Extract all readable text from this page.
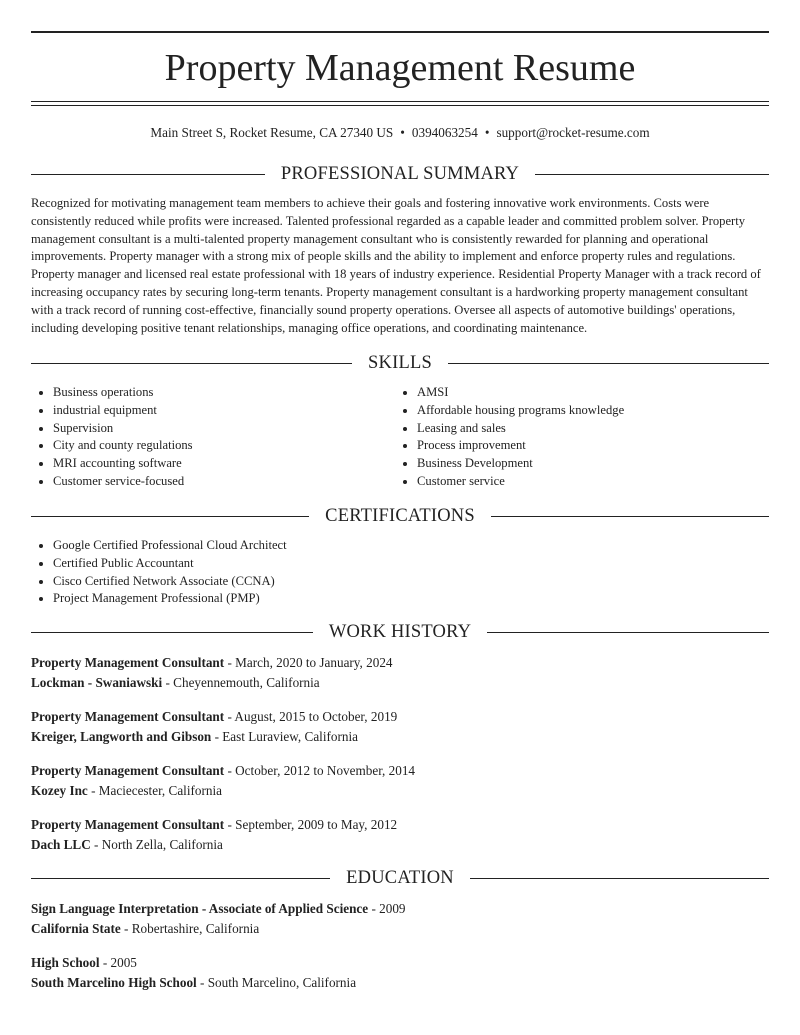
Property Management Resume
Main Street S, Rocket Resume, CA 27340 US • 0394063254 • support@rocket-resume.com
PROFESSIONAL SUMMARY
Recognized for motivating management team members to achieve their goals and fostering innovative work environments. Costs were consistently reduced while profits were increased. Talented professional regarded as a capable leader and committed problem solver. Property management consultant is a multi-talented property management consultant who is consistently rewarded for planning and operational improvements. Property manager with a strong mix of people skills and the ability to implement and enforce property rules and regulations. Property manager and licensed real estate professional with 18 years of industry experience. Residential Property Manager with a track record of increasing occupancy rates by securing long-term tenants. Property management consultant is a hardworking property management consultant with a track record of running cost-effective, financially sound property operations. Oversee all aspects of automotive buildings' operations, including developing positive tenant relationships, managing office operations, and coordinating maintenance.
SKILLS
• Business operations
• industrial equipment
• Supervision
• City and county regulations
• MRI accounting software
• Customer service-focused
• AMSI
• Affordable housing programs knowledge
• Leasing and sales
• Process improvement
• Business Development
• Customer service
CERTIFICATIONS
• Google Certified Professional Cloud Architect
• Certified Public Accountant
• Cisco Certified Network Associate (CCNA)
• Project Management Professional (PMP)
WORK HISTORY
Property Management Consultant - March, 2020 to January, 2024
Lockman - Swaniawski - Cheyennemouth, California
Property Management Consultant - August, 2015 to October, 2019
Kreiger, Langworth and Gibson - East Luraview, California
Property Management Consultant - October, 2012 to November, 2014
Kozey Inc - Maciecester, California
Property Management Consultant - September, 2009 to May, 2012
Dach LLC - North Zella, California
EDUCATION
Sign Language Interpretation - Associate of Applied Science - 2009
California State - Robertashire, California
High School - 2005
South Marcelino High School - South Marcelino, California
